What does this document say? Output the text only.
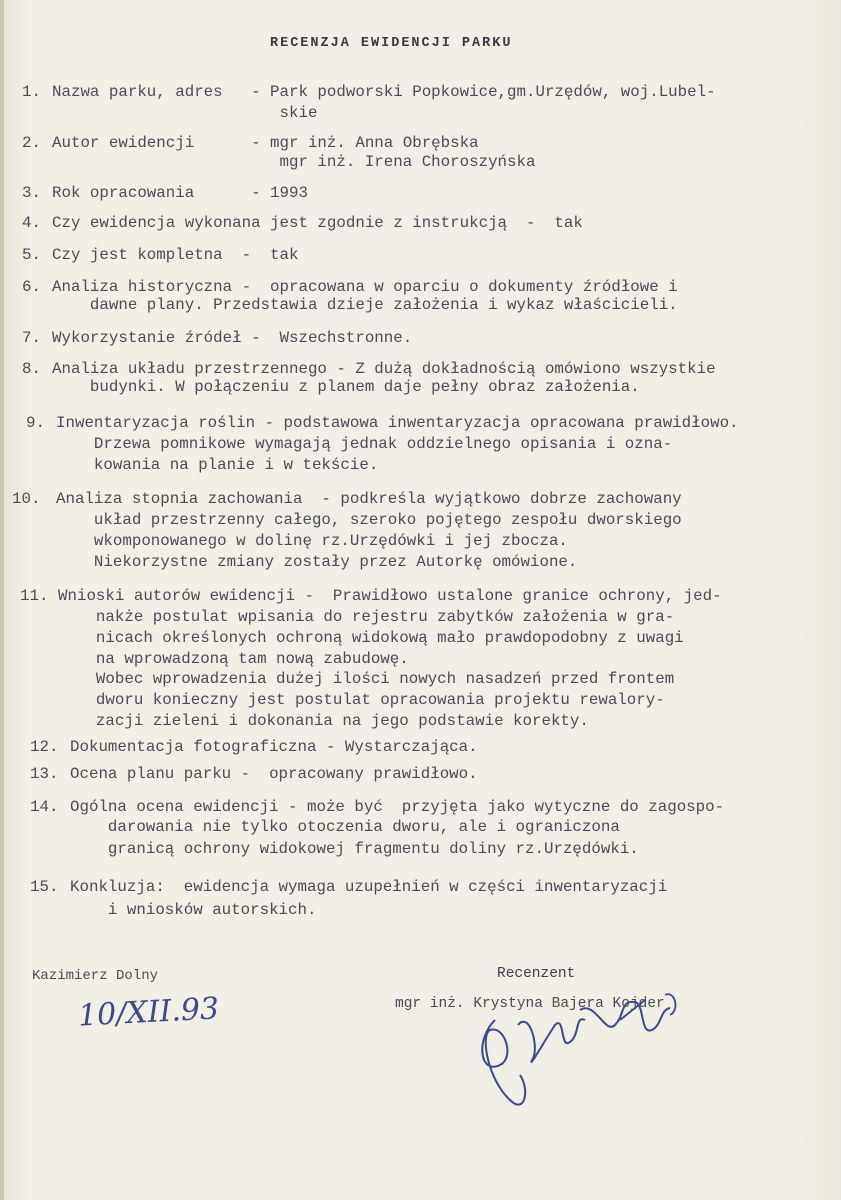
RECENZJA EWIDENCJI PARKU
1. Nazwa parku, adres   - Park podworski Popkowice,gm.Urzędów, woj.Lubel-
skie
2. Autor ewidencji      - mgr inż. Anna Obrębska
mgr inż. Irena Choroszyńska
3. Rok opracowania      - 1993
4. Czy ewidencja wykonana jest zgodnie z instrukcją  -  tak
5. Czy jest kompletna  -  tak
6. Analiza historyczna -  opracowana w oparciu o dokumenty źródłowe i
dawne plany. Przedstawia dzieje założenia i wykaz właścicieli.
7. Wykorzystanie źródeł -  Wszechstronne.
8. Analiza układu przestrzennego - Z dużą dokładnością omówiono wszystkie
budynki. W połączeniu z planem daje pełny obraz założenia.
9. Inwentaryzacja roślin - podstawowa inwentaryzacja opracowana prawidłowo.
Drzewa pomnikowe wymagają jednak oddzielnego opisania i ozna-
kowania na planie i w tekście.
10. Analiza stopnia zachowania  - podkreśla wyjątkowo dobrze zachowany
układ przestrzenny całego, szeroko pojętego zespołu dworskiego
wkomponowanego w dolinę rz.Urzędówki i jej zbocza.
Niekorzystne zmiany zostały przez Autorkę omówione.
11. Wnioski autorów ewidencji -  Prawidłowo ustalone granice ochrony, jed-
nakże postulat wpisania do rejestru zabytków założenia w gra-
nicach określonych ochroną widokową mało prawdopodobny z uwagi
na wprowadzoną tam nową zabudowę.
Wobec wprowadzenia dużej ilości nowych nasadzeń przed frontem
dworu konieczny jest postulat opracowania projektu rewalory-
zacji zieleni i dokonania na jego podstawie korekty.
12. Dokumentacja fotograficzna - Wystarczająca.
13. Ocena planu parku -  opracowany prawidłowo.
14. Ogólna ocena ewidencji - może być  przyjęta jako wytyczne do zagospo-
darowania nie tylko otoczenia dworu, ale i ograniczona
granicą ochrony widokowej fragmentu doliny rz.Urzędówki.
15. Konkluzja:  ewidencja wymaga uzupełnień w części inwentaryzacji
i wniosków autorskich.
Kazimierz Dolny
10/XII.93
Recenzent
mgr inż. Krystyna Bajera Kojder
